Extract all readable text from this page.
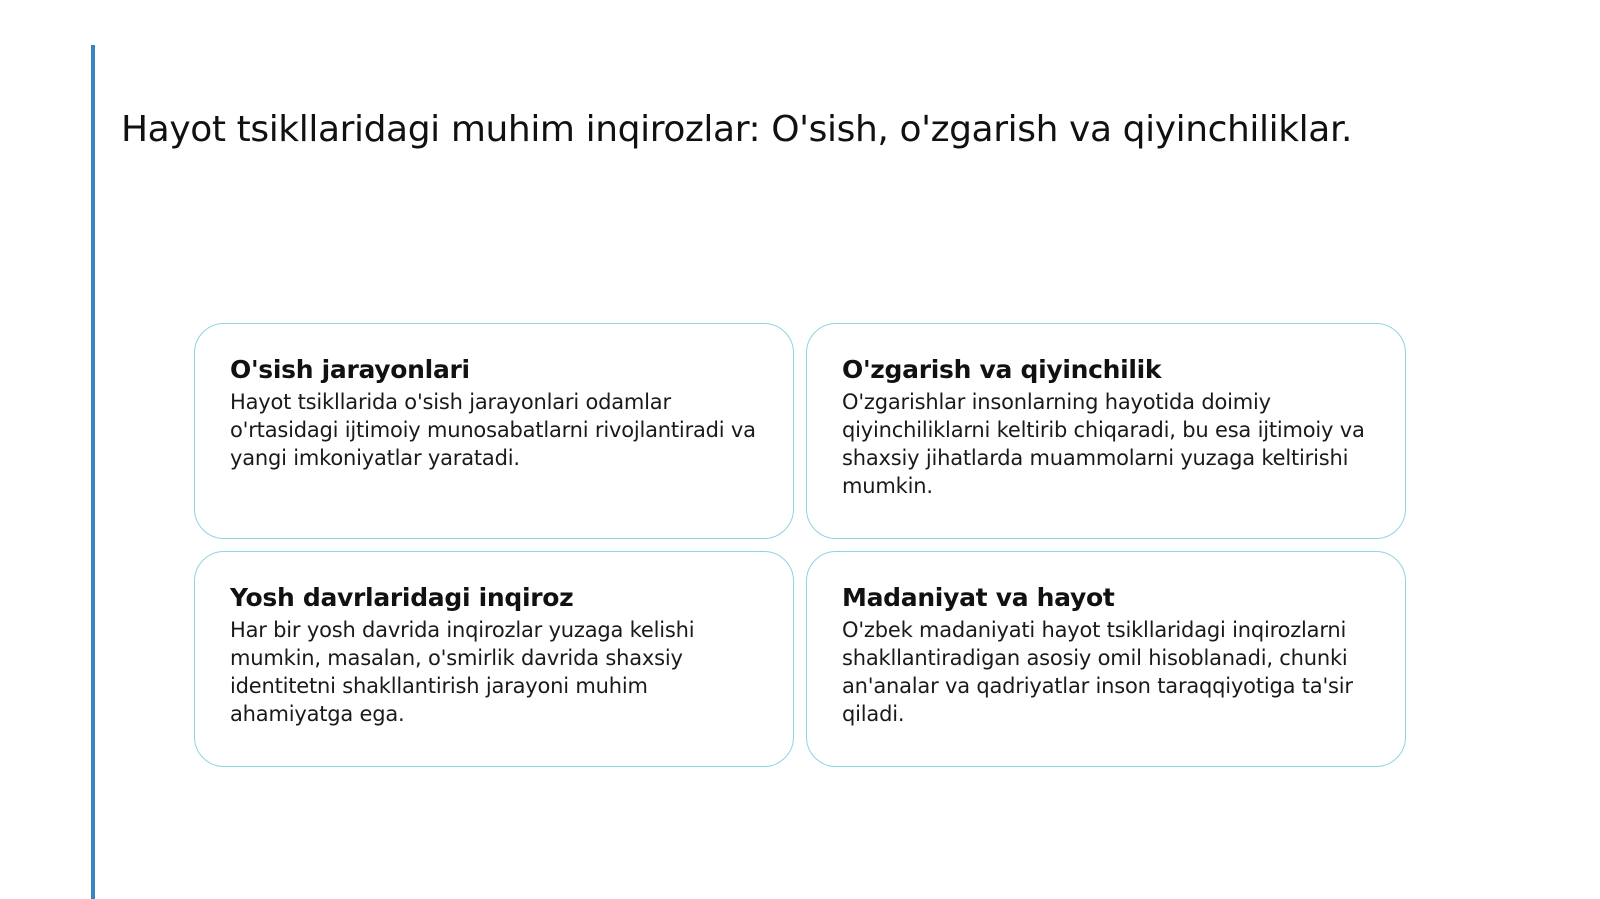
Hayot tsikllaridagi muhim inqirozlar: O'sish, o'zgarish va qiyinchiliklar.
O'sish jarayonlari

Hayot tsikllarida o'sish jarayonlari odamlar o'rtasidagi ijtimoiy munosabatlarni rivojlantiradi va yangi imkoniyatlar yaratadi.

O'zgarish va qiyinchilik

O'zgarishlar insonlarning hayotida doimiy qiyinchiliklarni keltirib chiqaradi, bu esa ijtimoiy va shaxsiy jihatlarda muammolarni yuzaga keltirishi mumkin.

Yosh davrlaridagi inqiroz

Har bir yosh davrida inqirozlar yuzaga kelishi mumkin, masalan, o'smirlik davrida shaxsiy identitetni shakllantirish jarayoni muhim ahamiyatga ega.

Madaniyat va hayot

O'zbek madaniyati hayot tsikllaridagi inqirozlarni shakllantiradigan asosiy omil hisoblanadi, chunki an'analar va qadriyatlar inson taraqqiyotiga ta'sir qiladi.
